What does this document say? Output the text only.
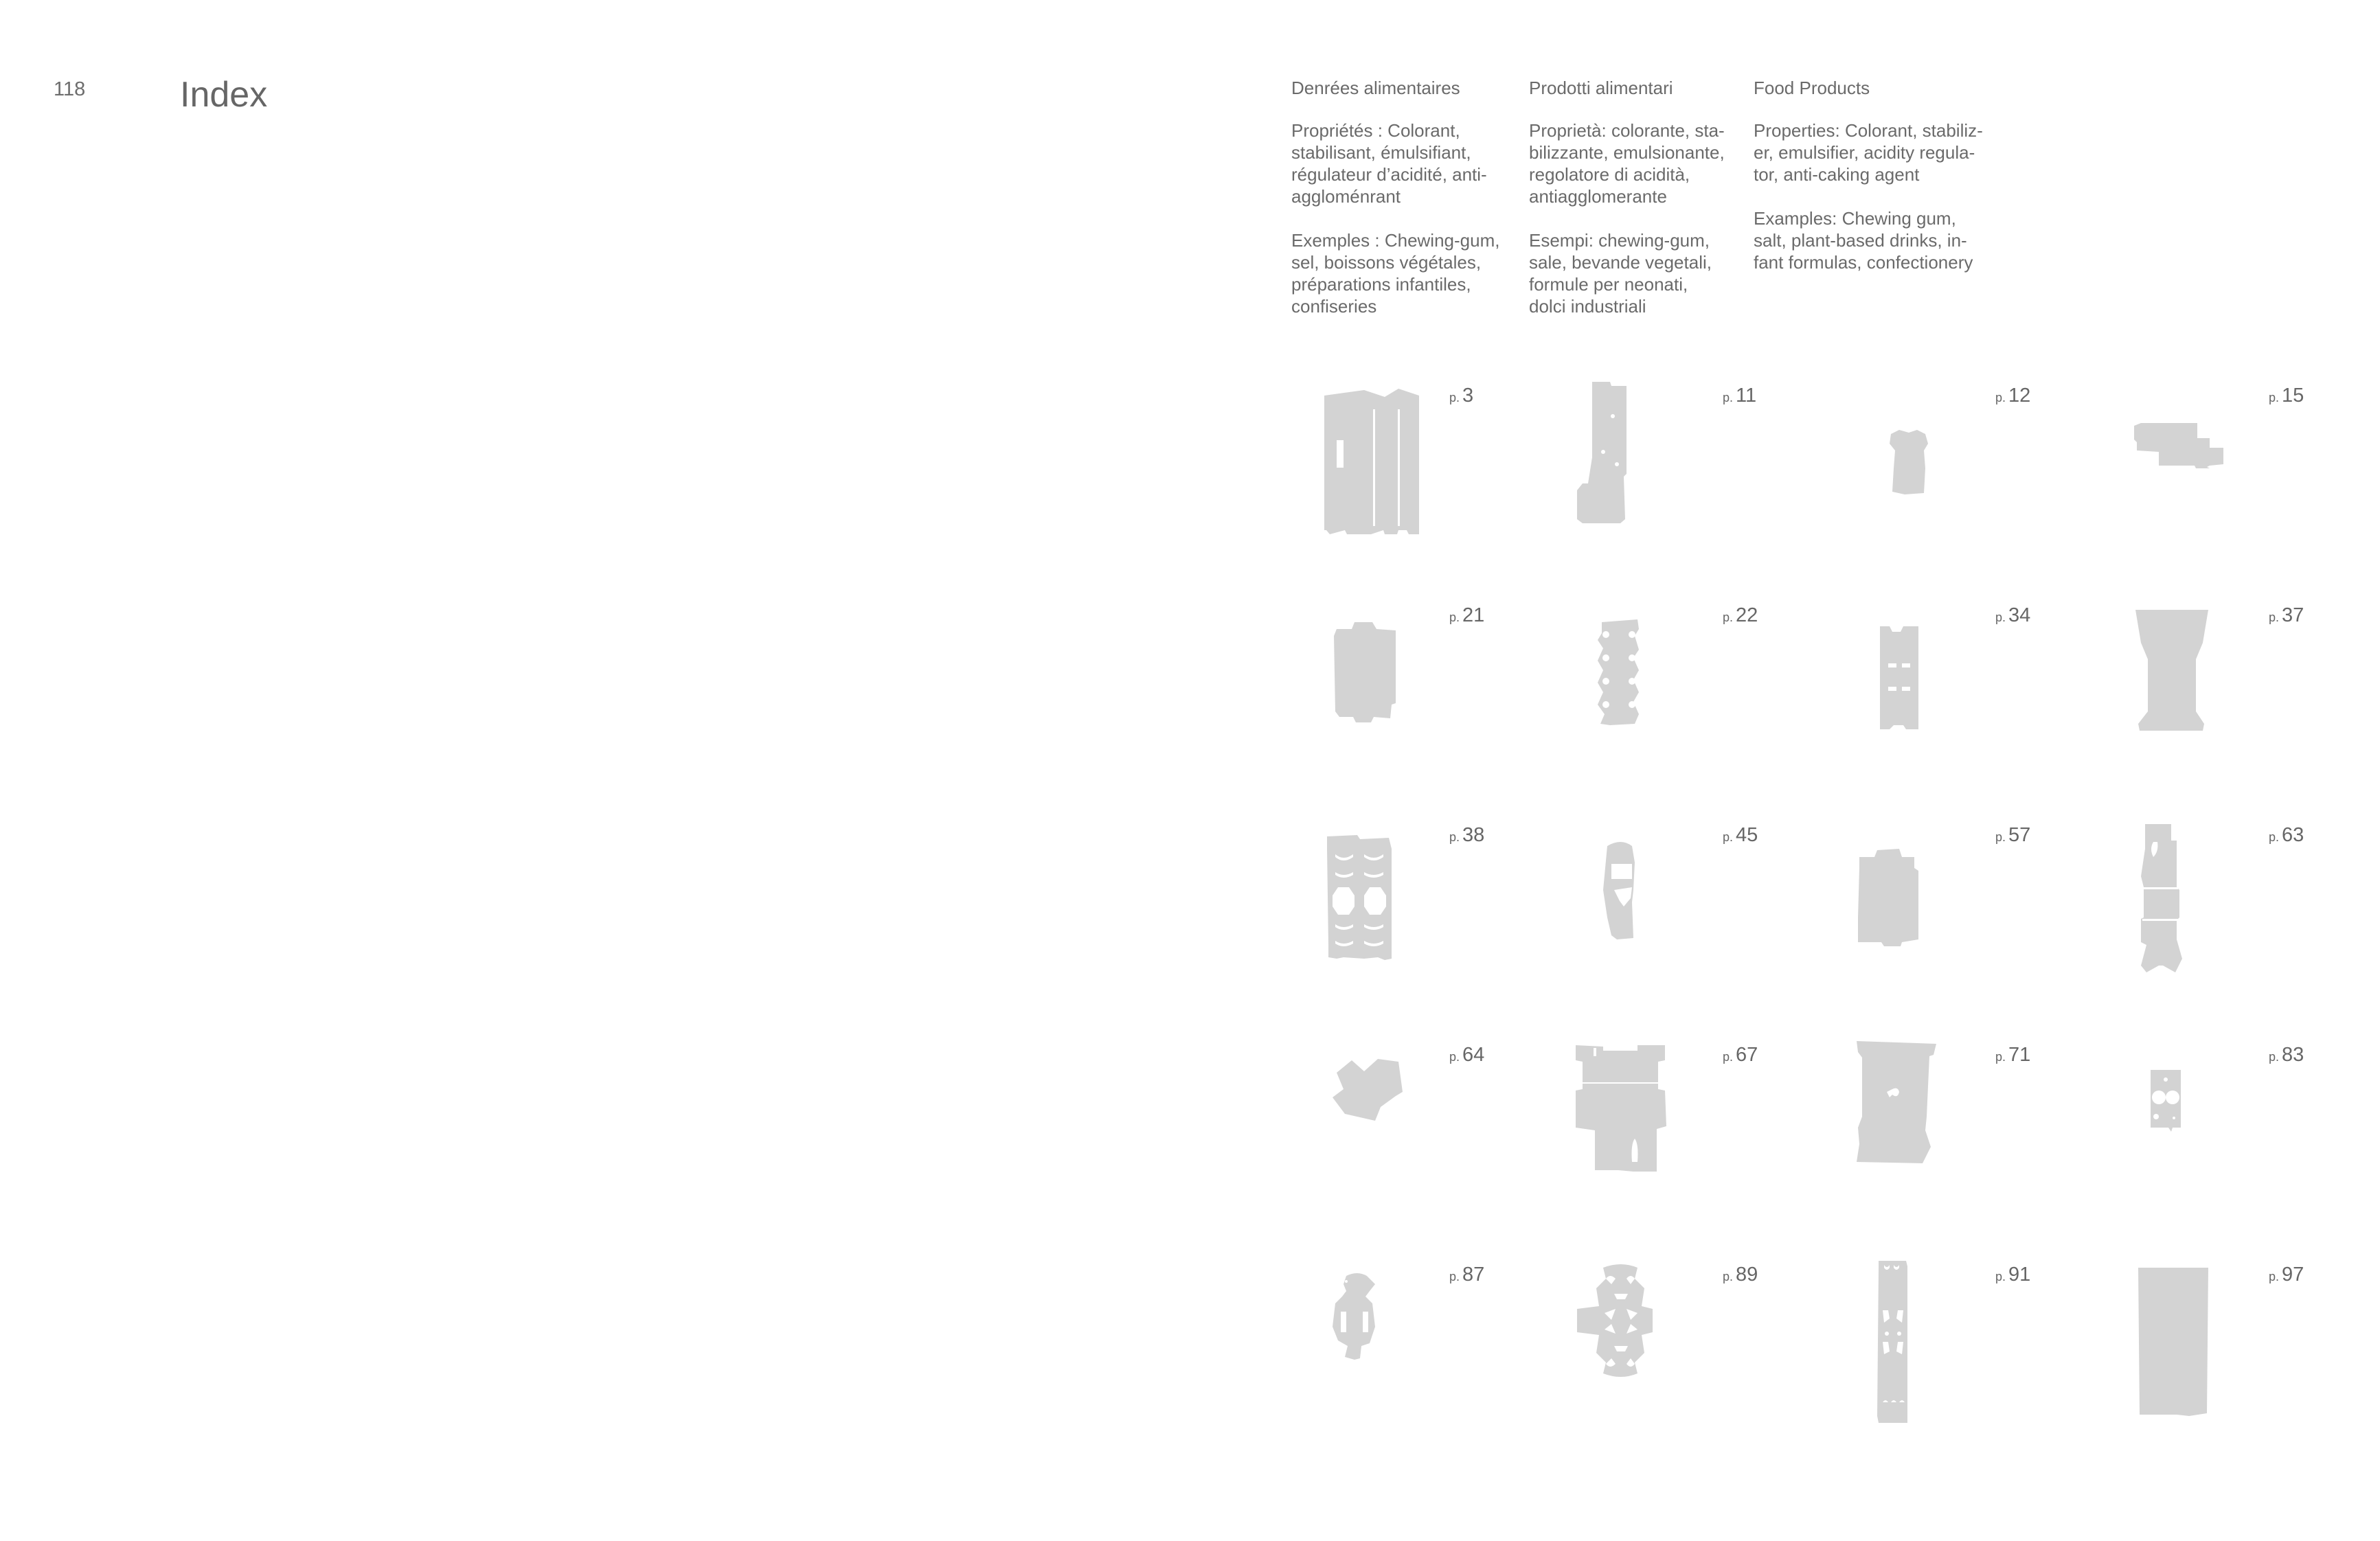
118	Index	Denrées alimentaires

Propriétés : Colorant,
stabilisant, émulsifiant,
régulateur d’acidité, anti-
aggloménrant

Exemples : Chewing-gum,
sel, boissons végétales,
préparations infantiles,
confiseries

Prodotti alimentari

Proprietà: colorante, sta-
bilizzante, emulsionante,
regolatore di acidità,
antiagglomerante

Esempi: chewing-gum,
sale, bevande vegetali,
formule per neonati,
dolci industriali

Food Products

Properties: Colorant, stabiliz-
er, emulsifier, acidity regula-
tor, anti-caking agent

Examples: Chewing gum,
salt, plant-based drinks, in-
fant formulas, confectionery

p. 3	p. 11	p. 12	p. 15
p. 21	p. 22	p. 34	p. 37
p. 38	p. 45	p. 57	p. 63
p. 64	p. 67	p. 71	p. 83
p. 87	p. 89	p. 91	p. 97
